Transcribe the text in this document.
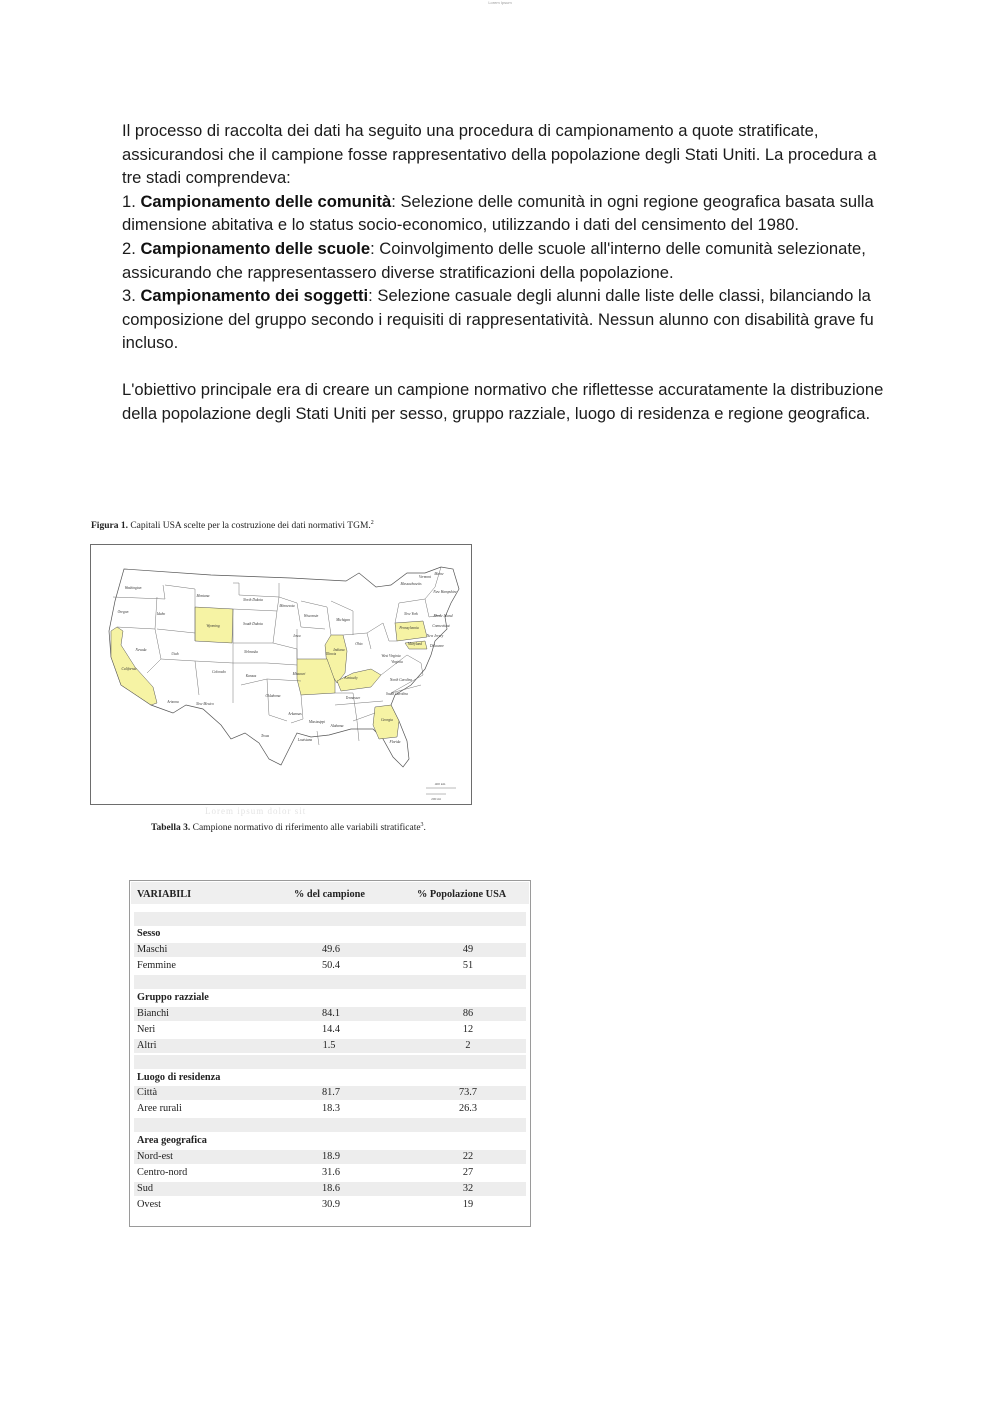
Lorem Ipsum

Il processo di raccolta dei dati ha seguito una procedura di campionamento a quote stratificate, assicurandosi che il campione fosse rappresentativo della popolazione degli Stati Uniti. La procedura a tre stadi comprendeva:

1. Campionamento delle comunità: Selezione delle comunità in ogni regione geografica basata sulla dimensione abitativa e lo status socio-economico, utilizzando i dati del censimento del 1980.

2. Campionamento delle scuole: Coinvolgimento delle scuole all'interno delle comunità selezionate, assicurando che rappresentassero diverse stratificazioni della popolazione.

3. Campionamento dei soggetti: Selezione casuale degli alunni dalle liste delle classi, bilanciando la composizione del gruppo secondo i requisiti di rappresentatività. Nessun alunno con disabilità grave fu incluso.

L'obiettivo principale era di creare un campione normativo che riflettesse accuratamente la distribuzione della popolazione degli Stati Uniti per sesso, gruppo razziale, luogo di residenza e regione geografica.

Figura 1. Capitali USA scelte per la costruzione dei dati normativi TGM.$^2$
400 km
200 mi
Washington
Oregon
California
Idaho
Nevada
Montana
Wyoming
Utah
Arizona
Colorado
New Mexico
North Dakota
South Dakota
Nebraska
Kansas
Oklahoma
Texas
Minnesota
Iowa
Missouri
Arkansas
Louisiana
Wisconsin
Illinois
Mississippi
Michigan
Indiana
Kentucky
Tennessee
Alabama
Ohio
Georgia
Florida
South Carolina
North Carolina
Virginia
West Virginia
Pennsylvania
New York
Maryland Delaware
New Jersey
Connecticut
Rhode Island
Massachusetts
Vermont
New Hampshire
Maine
Lorem ipsum dolor sit
Tabella 3. Campione normativo di riferimento alle variabili stratificate$^3$.
VARIABILI	% del campione	% Popolazione USA
Sesso
Maschi	49.6	49
Femmine	50.4	51
Gruppo razziale
Bianchi	84.1	86
Neri	14.4	12
Altri	1.5	2
Luogo di residenza
Città	81.7	73.7
Aree rurali	18.3	26.3
Area geografica
Nord-est	18.9	22
Centro-nord	31.6	27
Sud	18.6	32
Ovest	30.9	19
